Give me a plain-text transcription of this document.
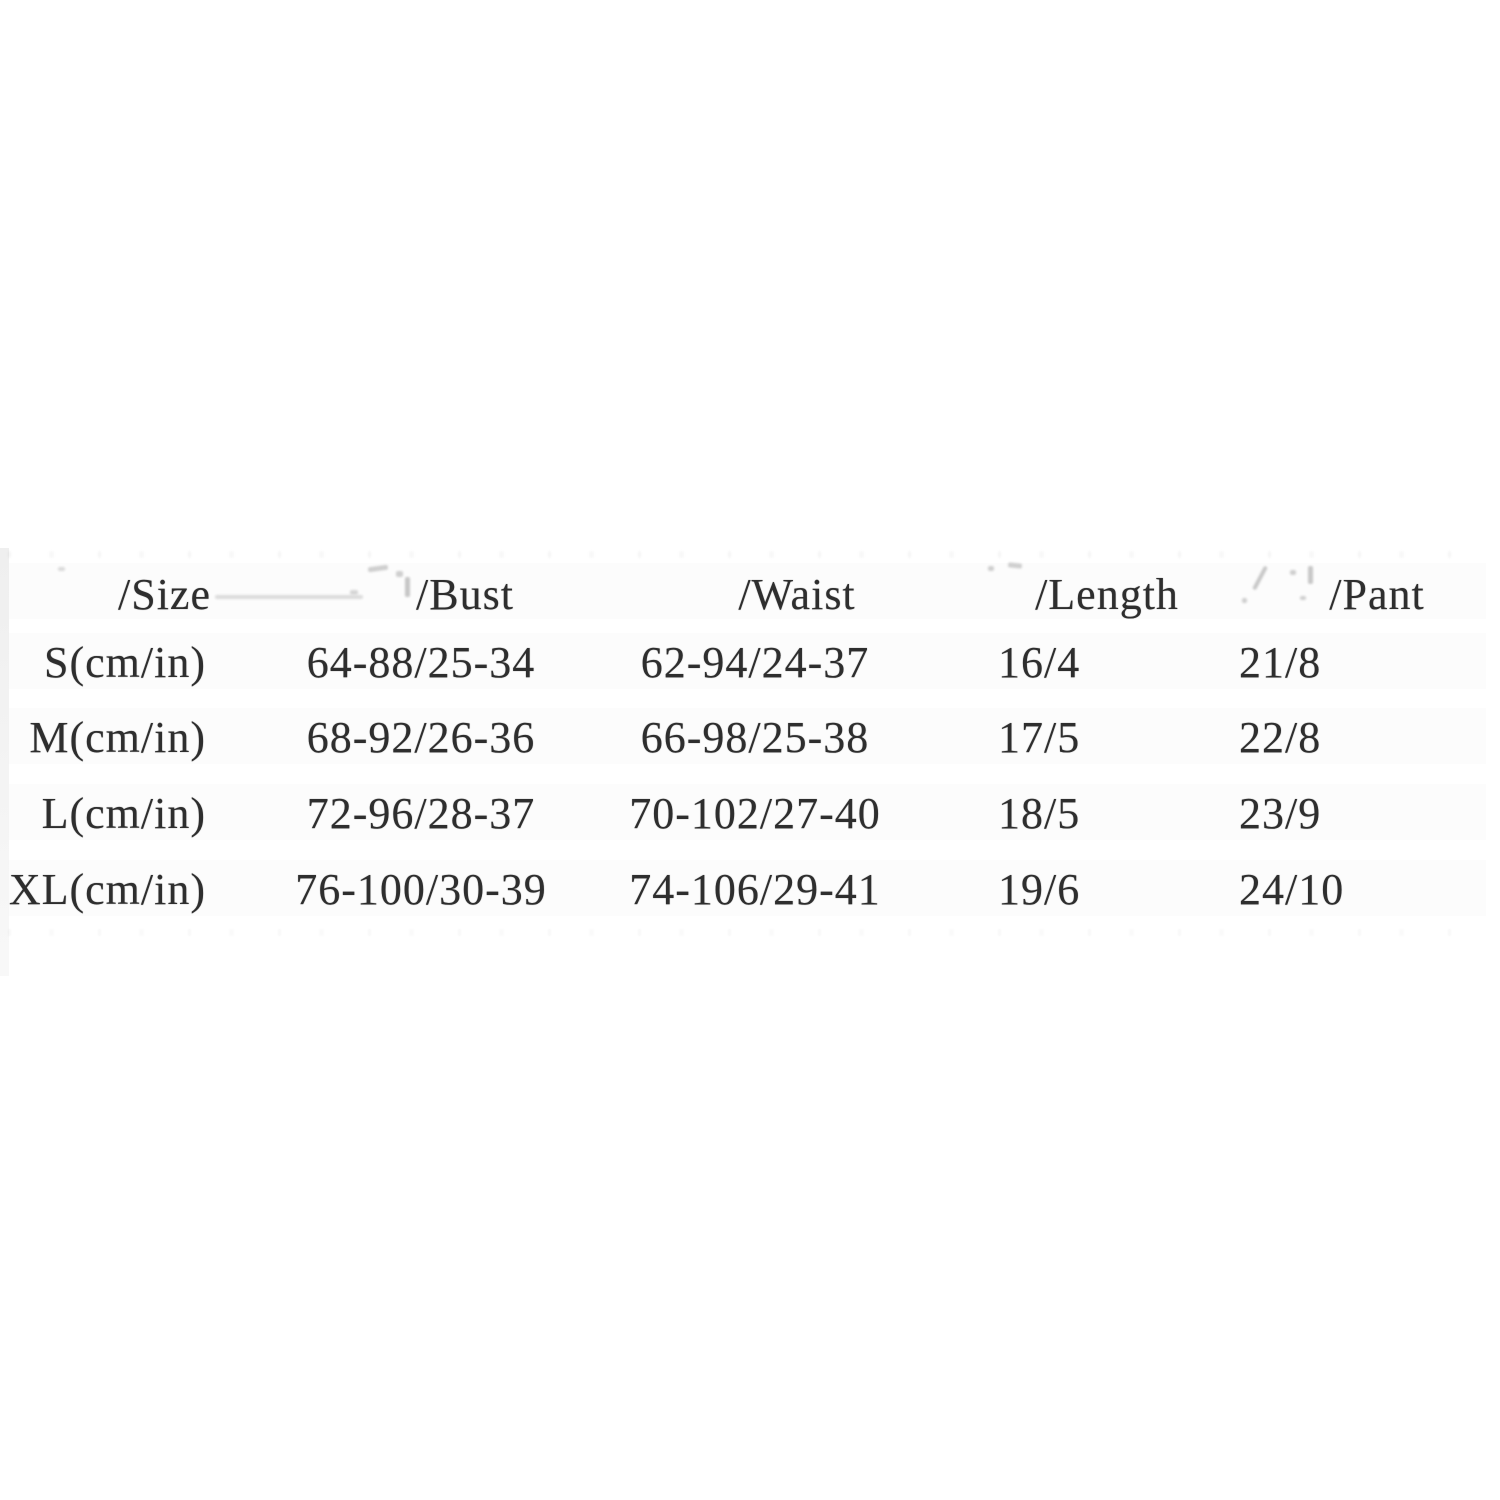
/Size	/Bust	/Waist	/Length	/Pant
S(cm/in) 64-88/25-34 62-94/24-37	16/4	21/8
M(cm/in) 68-92/26-36 66-98/25-38	17/5	22/8
L(cm/in) 72-96/28-37 70-102/27-40	18/5	23/9
XL(cm/in) 76-100/30-39 74-106/29-41	19/6	24/10
